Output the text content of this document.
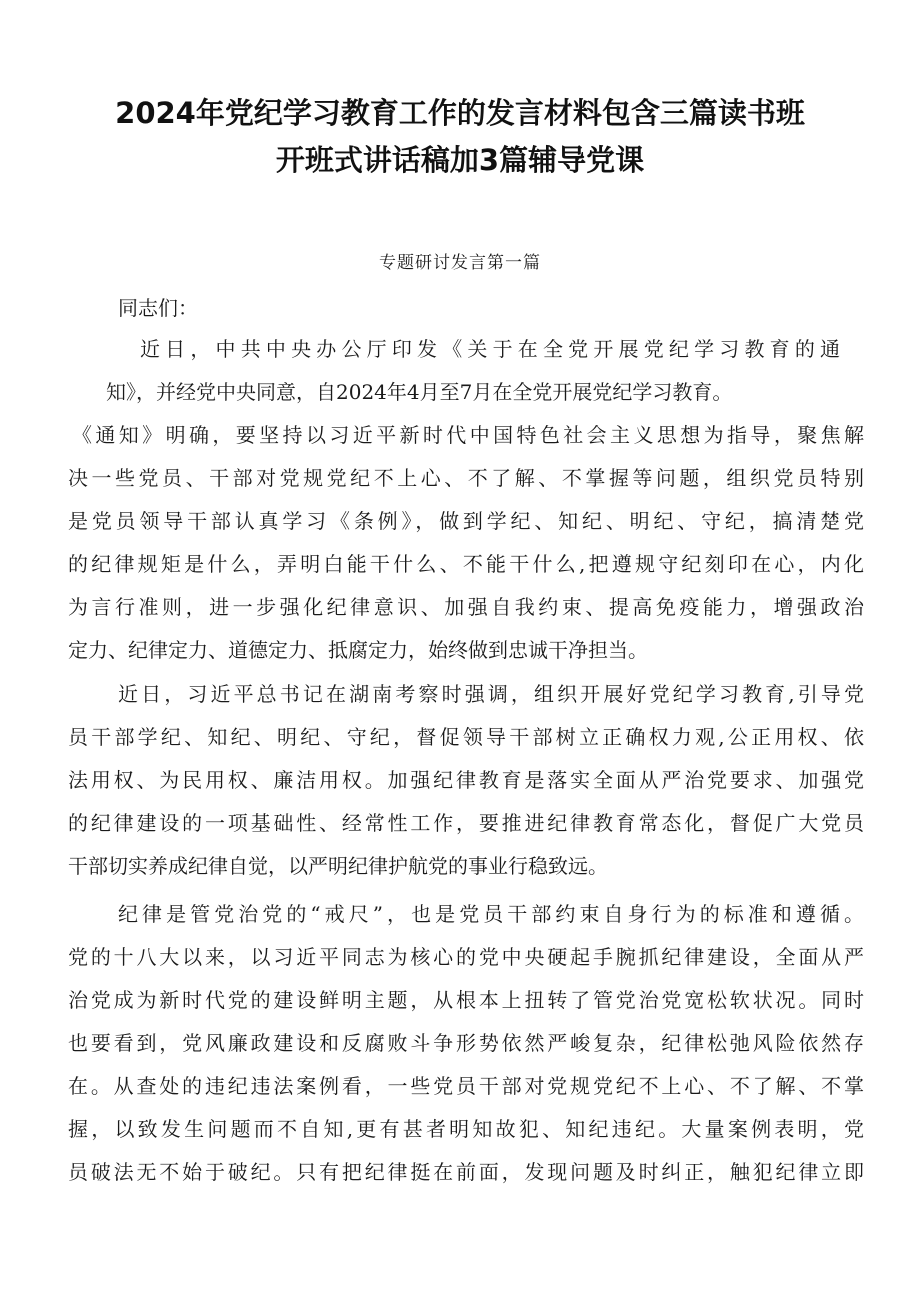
2024年党纪学习教育工作的发言材料包含三篇读书班
开班式讲话稿加3篇辅导党课
专题研讨发言第一篇
同志们：
近日，中共中央办公厅印发《关于在全党开展党纪学习教育的通
知》，并经党中央同意，自2024年4月至7月在全党开展党纪学习教育。
《通知》明确，要坚持以习近平新时代中国特色社会主义思想为指导，聚焦解
决一些党员、干部对党规党纪不上心、不了解、不掌握等问题，组织党员特别
是党员领导干部认真学习《条例》，做到学纪、知纪、明纪、守纪，搞清楚党
的纪律规矩是什么，弄明白能干什么、不能干什么,把遵规守纪刻印在心，内化
为言行准则，进一步强化纪律意识、加强自我约束、提高免疫能力，增强政治
定力、纪律定力、道德定力、抵腐定力，始终做到忠诚干净担当。
近日，习近平总书记在湖南考察时强调，组织开展好党纪学习教育,引导党
员干部学纪、知纪、明纪、守纪，督促领导干部树立正确权力观,公正用权、依
法用权、为民用权、廉洁用权。加强纪律教育是落实全面从严治党要求、加强党
的纪律建设的一项基础性、经常性工作，要推进纪律教育常态化，督促广大党员
干部切实养成纪律自觉，以严明纪律护航党的事业行稳致远。
纪律是管党治党的“戒尺”，也是党员干部约束自身行为的标准和遵循。
党的十八大以来，以习近平同志为核心的党中央硬起手腕抓纪律建设，全面从严
治党成为新时代党的建设鲜明主题，从根本上扭转了管党治党宽松软状况。同时
也要看到，党风廉政建设和反腐败斗争形势依然严峻复杂，纪律松弛风险依然存
在。从查处的违纪违法案例看，一些党员干部对党规党纪不上心、不了解、不掌
握，以致发生问题而不自知,更有甚者明知故犯、知纪违纪。大量案例表明，党
员破法无不始于破纪。只有把纪律挺在前面，发现问题及时纠正，触犯纪律立即
